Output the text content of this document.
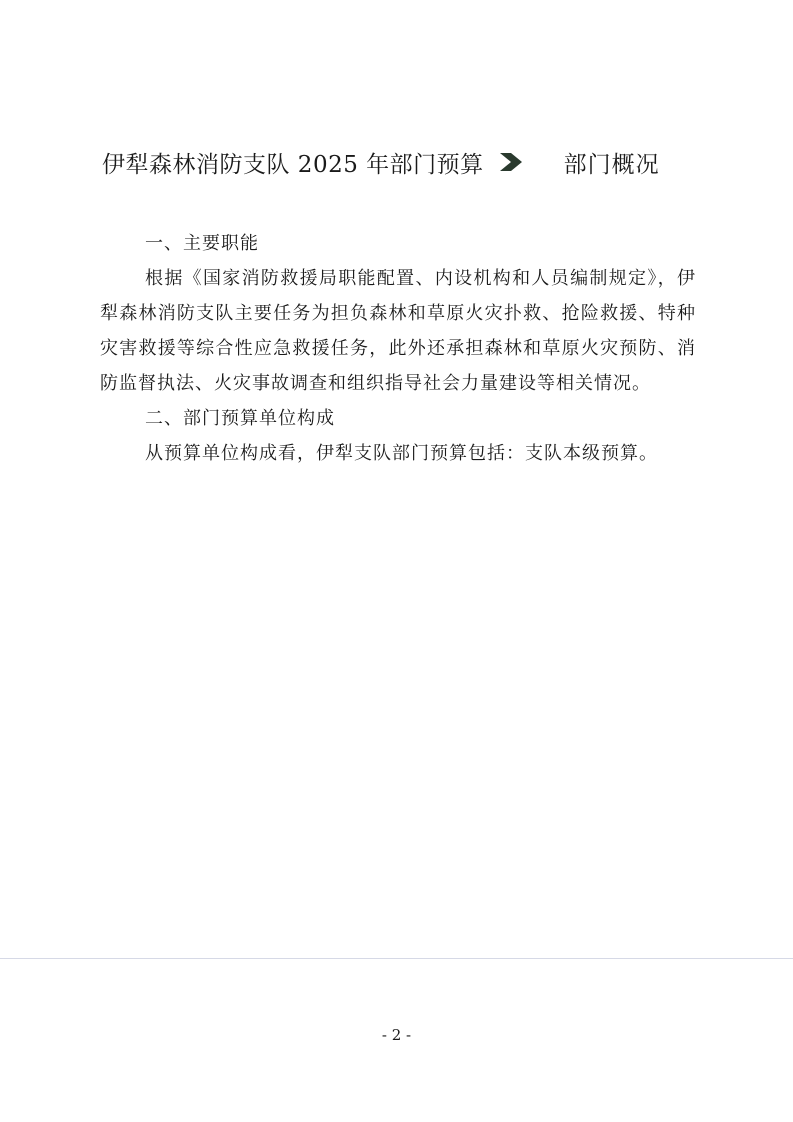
伊犁森林消防支队 2025 年部门预算	部门概况
一、主要职能

根据《国家消防救援局职能配置、内设机构和人员编制规定》，伊犁森林消防支队主要任务为担负森林和草原火灾扑救、抢险救援、特种灾害救援等综合性应急救援任务，此外还承担森林和草原火灾预防、消防监督执法、火灾事故调查和组织指导社会力量建设等相关情况。

二、部门预算单位构成

从预算单位构成看，伊犁支队部门预算包括：支队本级预算。

- 2 -
